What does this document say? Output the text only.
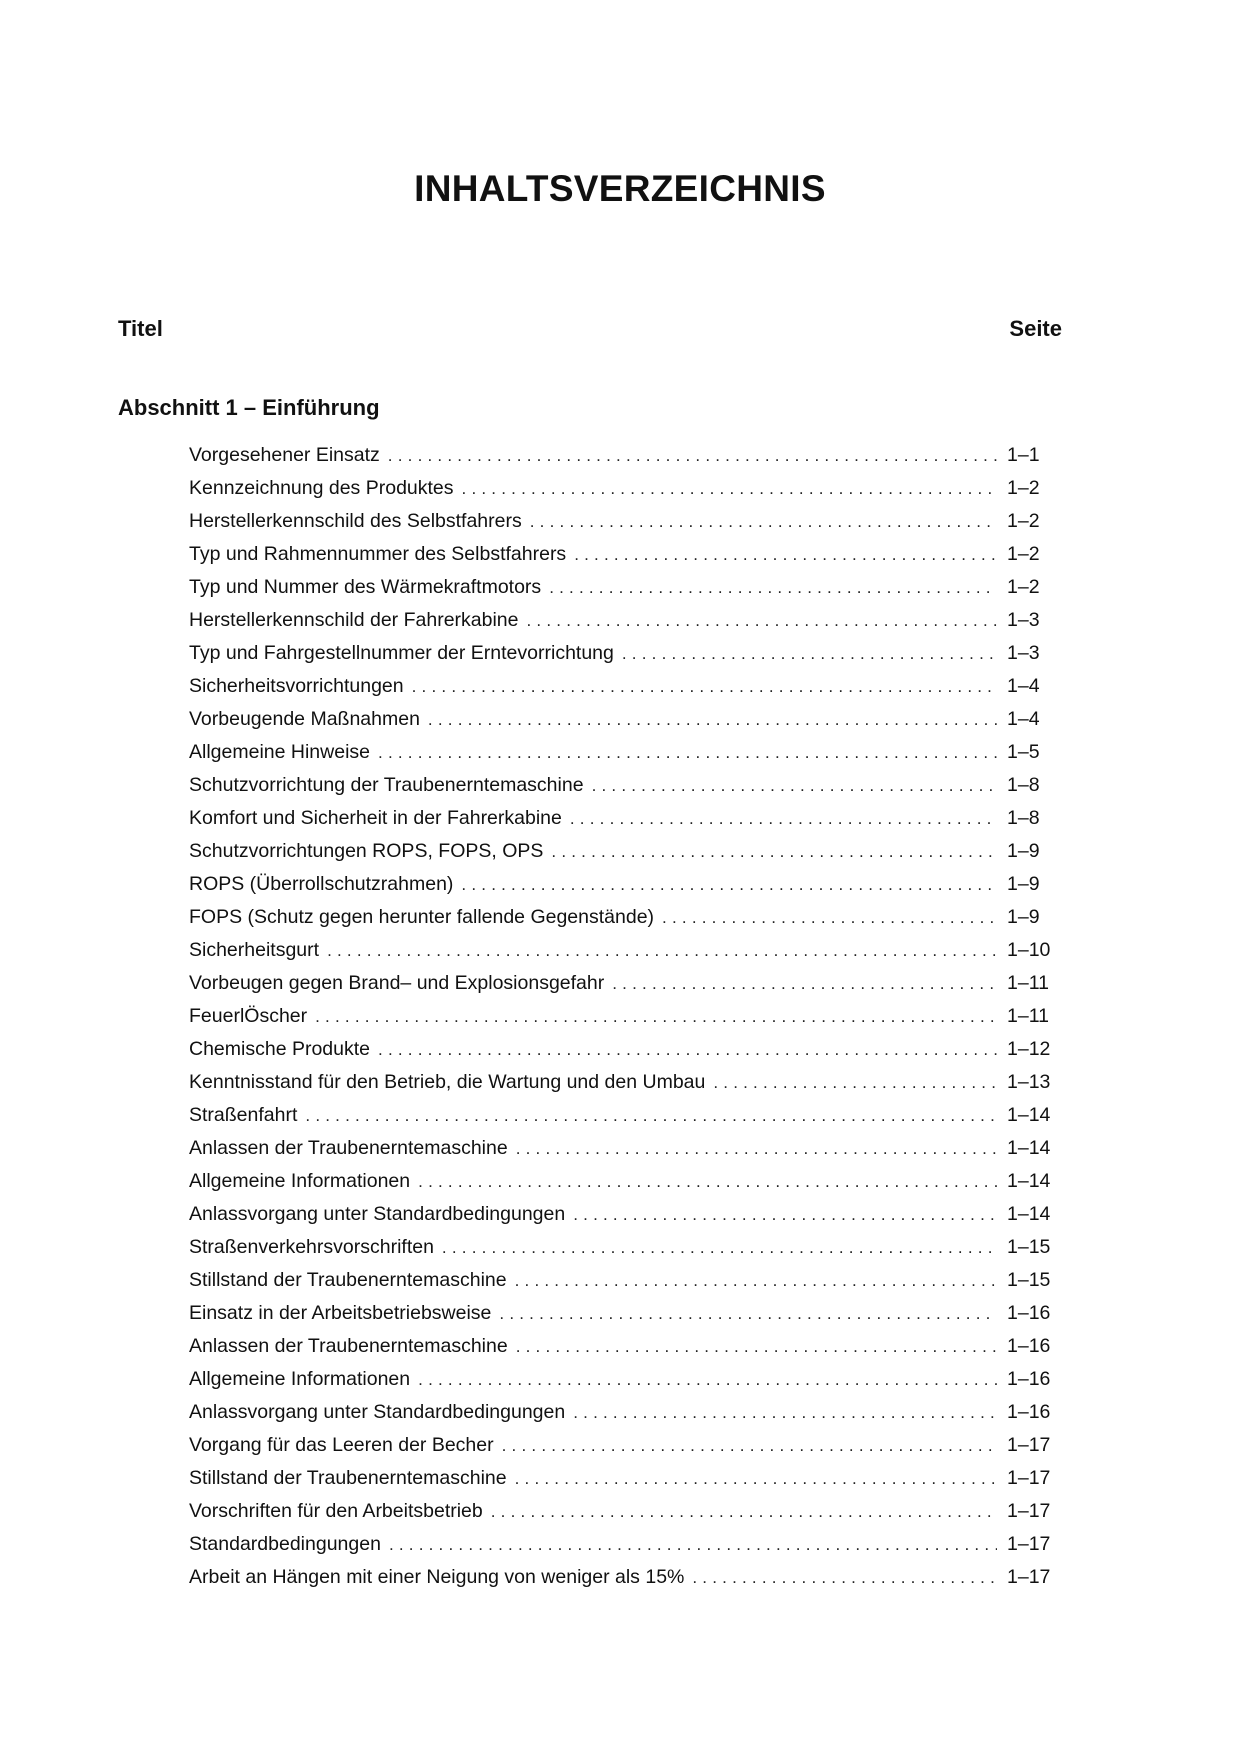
INHALTSVERZEICHNIS
Titel	Seite
Abschnitt 1 – Einführung
Vorgesehener Einsatz .....	1–1
Kennzeichnung des Produktes .....	1–2
Herstellerkennschild des Selbstfahrers .....	1–2
Typ und Rahmennummer des Selbstfahrers .....	1–2
Typ und Nummer des Wärmekraftmotors .....	1–2
Herstellerkennschild der Fahrerkabine .....	1–3
Typ und Fahrgestellnummer der Erntevorrichtung .....	1–3
Sicherheitsvorrichtungen .....	1–4
Vorbeugende Maßnahmen .....	1–4
Allgemeine Hinweise .....	1–5
Schutzvorrichtung der Traubenerntemaschine .....	1–8
Komfort und Sicherheit in der Fahrerkabine .....	1–8
Schutzvorrichtungen ROPS, FOPS, OPS .....	1–9
ROPS (Überrollschutzrahmen) .....	1–9
FOPS (Schutz gegen herunter fallende Gegenstände) .....	1–9
Sicherheitsgurt .....	1–10
Vorbeugen gegen Brand– und Explosionsgefahr .....	1–11
FeuerlÖscher .....	1–11
Chemische Produkte .....	1–12
Kenntnisstand für den Betrieb, die Wartung und den Umbau .....	1–13
Straßenfahrt .....	1–14
Anlassen der Traubenerntemaschine .....	1–14
Allgemeine Informationen .....	1–14
Anlassvorgang unter Standardbedingungen .....	1–14
Straßenverkehrsvorschriften .....	1–15
Stillstand der Traubenerntemaschine .....	1–15
Einsatz in der Arbeitsbetriebsweise .....	1–16
Anlassen der Traubenerntemaschine .....	1–16
Allgemeine Informationen .....	1–16
Anlassvorgang unter Standardbedingungen .....	1–16
Vorgang für das Leeren der Becher .....	1–17
Stillstand der Traubenerntemaschine .....	1–17
Vorschriften für den Arbeitsbetrieb .....	1–17
Standardbedingungen .....	1–17
Arbeit an Hängen mit einer Neigung von weniger als 15% .....	1–17
